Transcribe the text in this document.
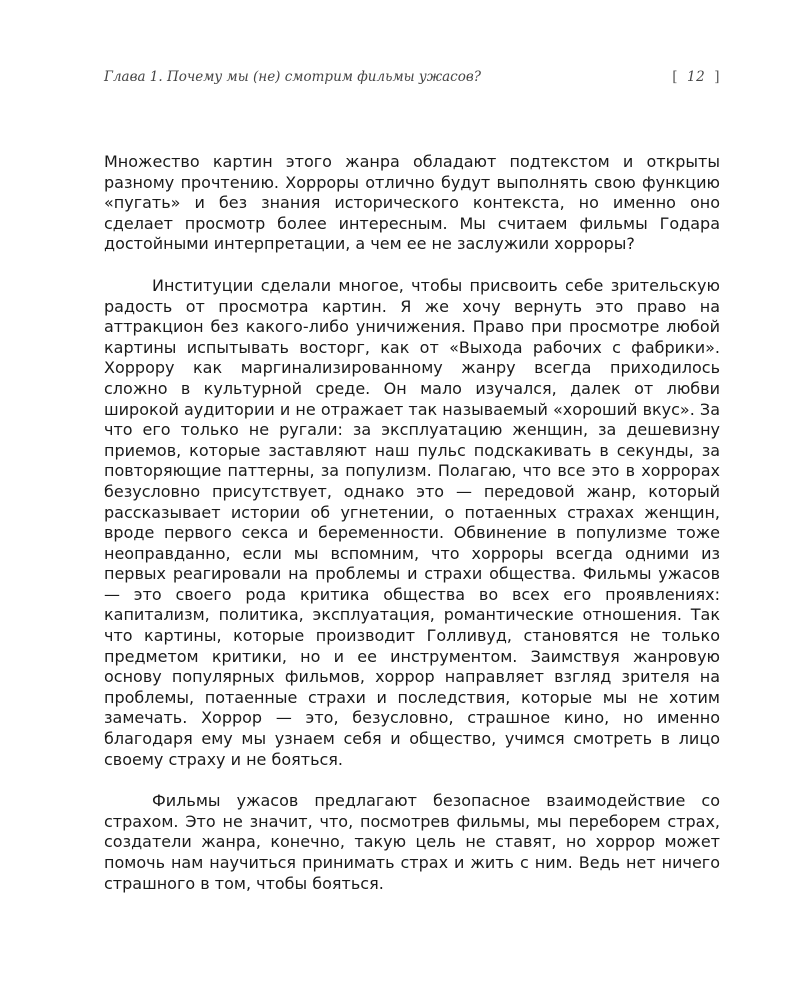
Глава 1. Почему мы (не) смотрим фильмы ужасов?	[ 12 ]

Множество картин этого жанра обладают подтекстом и открыты разному прочтению. Хорроры отлично будут выполнять свою функцию «пугать» и без знания исторического контекста, но именно оно сделает просмотр более интересным. Мы считаем фильмы Годара достойными интерпретации, а чем ее не заслужили хорроры?

Институции сделали многое, чтобы присвоить себе зрительскую радость от просмотра картин. Я же хочу вернуть это право на аттракцион без какого-либо уничижения. Право при просмотре любой картины испытывать восторг, как от «Выхода рабочих с фабрики». Хоррору как маргинализированному жанру всегда приходилось сложно в культурной среде. Он мало изучался, далек от любви широкой аудитории и не отражает так называемый «хороший вкус». За что его только не ругали: за эксплуатацию женщин, за дешевизну приемов, которые заставляют наш пульс подскакивать в секунды, за повторяющие паттерны, за популизм. Полагаю, что все это в хоррорах безусловно присутствует, однако это — передовой жанр, который рассказывает истории об угнетении, о потаенных страхах женщин, вроде первого секса и беременности. Обвинение в популизме тоже неоправданно, если мы вспомним, что хорроры всегда одними из первых реагировали на проблемы и страхи общества. Фильмы ужасов — это своего рода критика общества во всех его проявлениях: капитализм, политика, эксплуатация, романтические отношения. Так что картины, которые производит Голливуд, становятся не только предметом критики, но и ее инструментом. Заимствуя жанровую основу популярных фильмов, хоррор направляет взгляд зрителя на проблемы, потаенные страхи и последствия, которые мы не хотим замечать. Хоррор — это, безусловно, страшное кино, но именно благодаря ему мы узнаем себя и общество, учимся смотреть в лицо своему страху и не бояться.

Фильмы ужасов предлагают безопасное взаимодействие со страхом. Это не значит, что, посмотрев фильмы, мы переборем страх, создатели жанра, конечно, такую цель не ставят, но хоррор может помочь нам научиться принимать страх и жить с ним. Ведь нет ничего страшного в том, чтобы бояться.
